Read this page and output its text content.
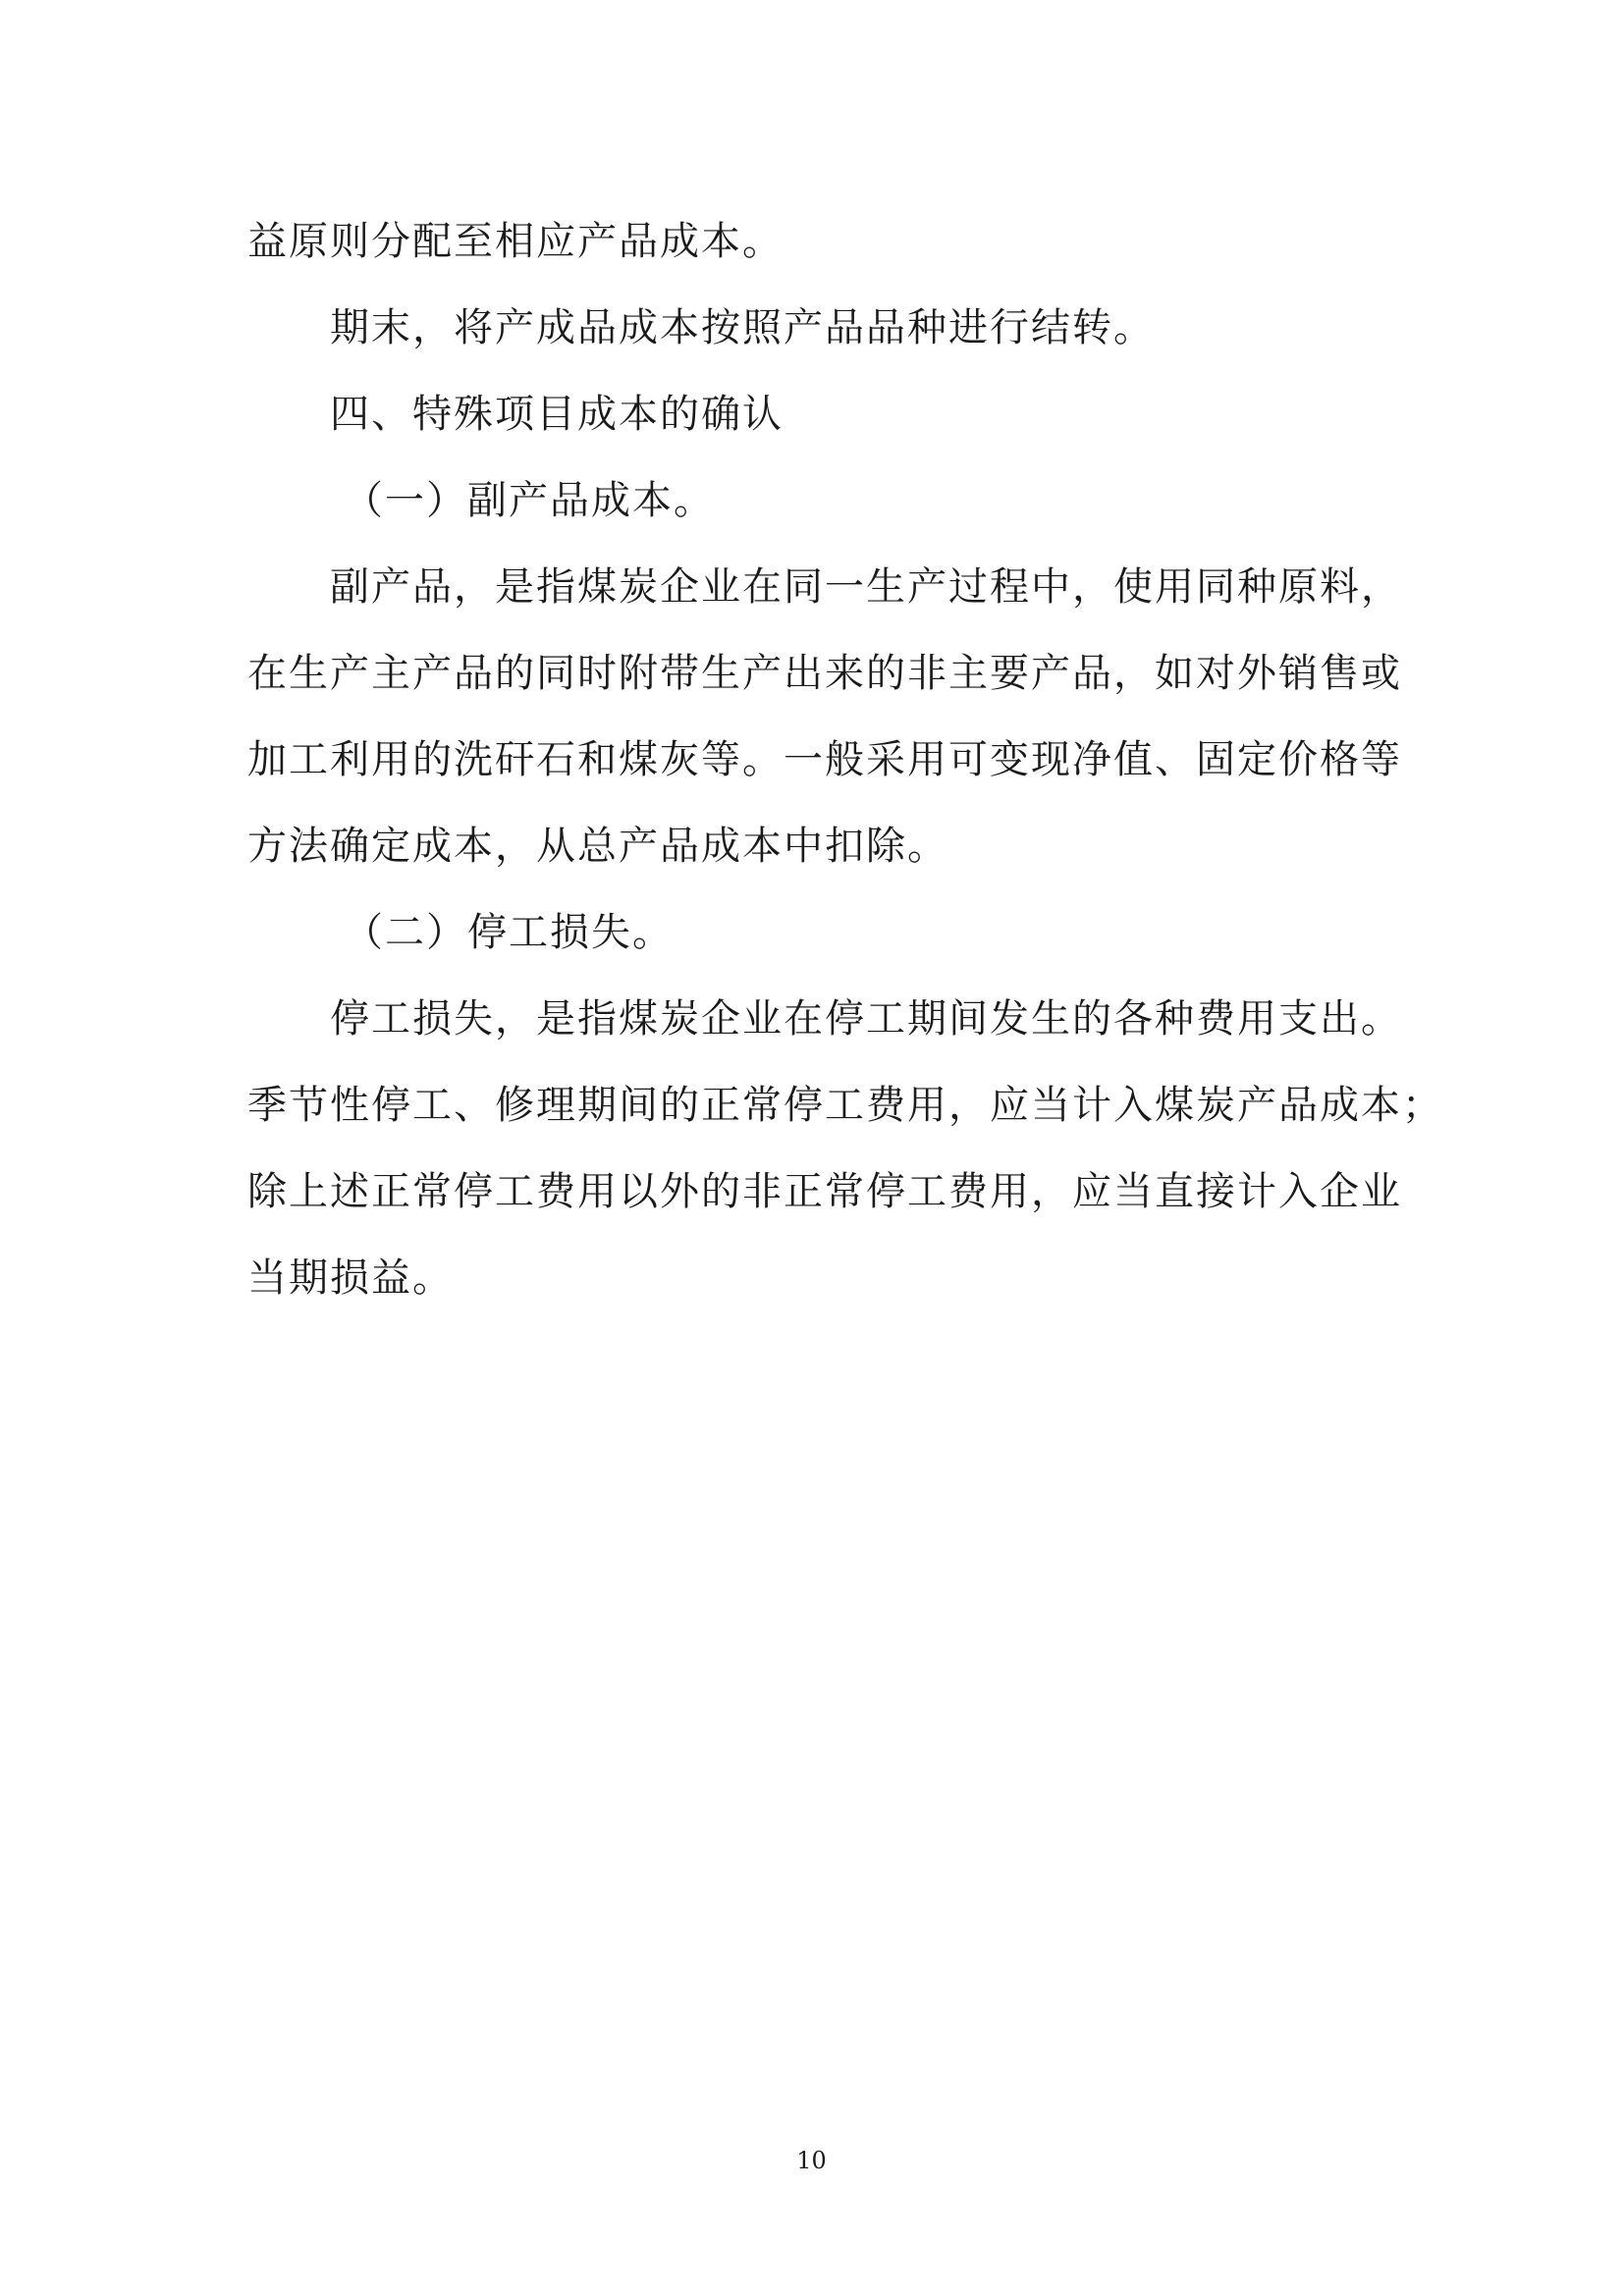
益原则分配至相应产品成本。

期末，将产成品成本按照产品品种进行结转。

四、特殊项目成本的确认

（一）副产品成本。

副产品，是指煤炭企业在同一生产过程中，使用同种原料，

在生产主产品的同时附带生产出来的非主要产品，如对外销售或

加工利用的洗矸石和煤灰等。一般采用可变现净值、固定价格等

方法确定成本，从总产品成本中扣除。

（二）停工损失。

停工损失，是指煤炭企业在停工期间发生的各种费用支出。

季节性停工、修理期间的正常停工费用，应当计入煤炭产品成本；

除上述正常停工费用以外的非正常停工费用，应当直接计入企业

当期损益。

10
